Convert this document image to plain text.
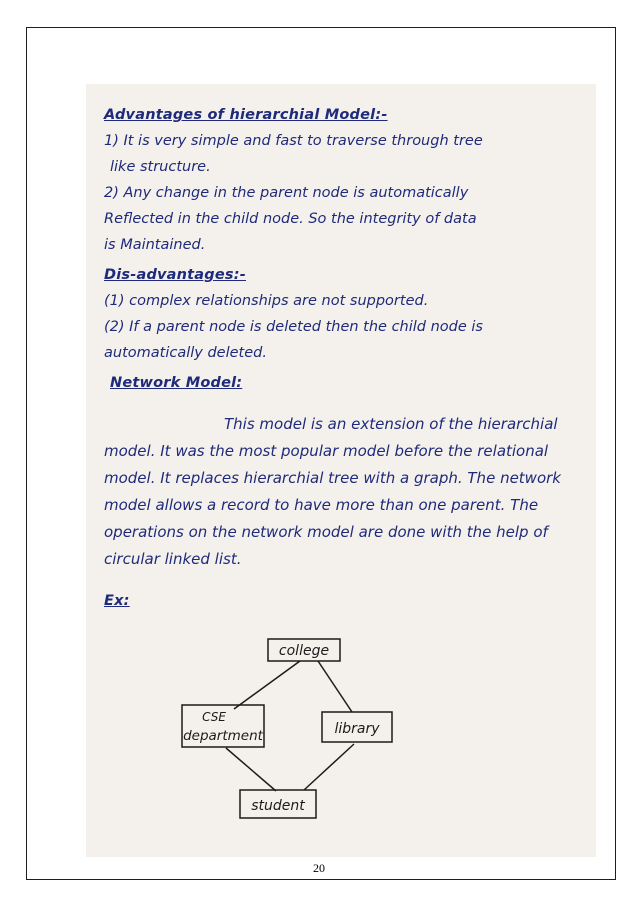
Advantages of hierarchial Model:-

1) It is very simple and fast to traverse through tree

like structure.

2) Any change in the parent node is automatically

Reflected in the child node. So the integrity of data

is Maintained.

Dis-advantages:-

(1) complex relationships are not supported.

(2) If a parent node is deleted then the child node is

automatically deleted.

Network Model:

This model is an extension of the hierarchial model. It was the most popular model before the relational model. It replaces hierarchial tree with a graph. The network model allows a record to have more than one parent. The operations on the network model are done with the help of circular linked list.

Ex:

college
CSE
department	library
student
20
